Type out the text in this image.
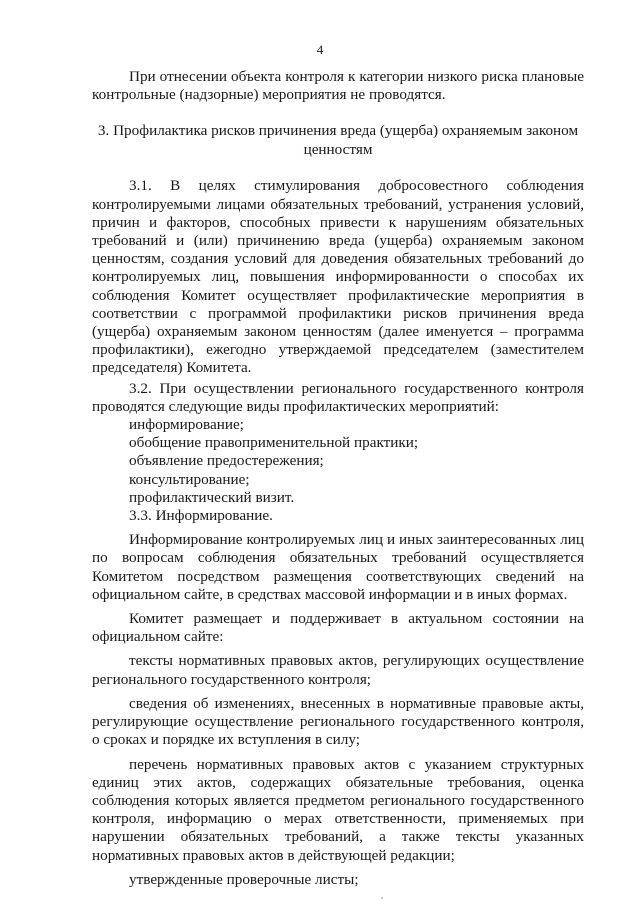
4

При отнесении объекта контроля к категории низкого риска плановые контрольные (надзорные) мероприятия не проводятся.

3. Профилактика рисков причинения вреда (ущерба) охраняемым законом ценностям

3.1. В целях стимулирования добросовестного соблюдения контролируемыми лицами обязательных требований, устранения условий, причин и факторов, способных привести к нарушениям обязательных требований и (или) причинению вреда (ущерба) охраняемым законом ценностям, создания условий для доведения обязательных требований до контролируемых лиц, повышения информированности о способах их соблюдения Комитет осуществляет профилактические мероприятия в соответствии с программой профилактики рисков причинения вреда (ущерба) охраняемым законом ценностям (далее именуется – программа профилактики), ежегодно утверждаемой председателем (заместителем председателя) Комитета.

3.2. При осуществлении регионального государственного контроля проводятся следующие виды профилактических мероприятий:

информирование;

обобщение правоприменительной практики;

объявление предостережения;

консультирование;

профилактический визит.

3.3. Информирование.

Информирование контролируемых лиц и иных заинтересованных лиц по вопросам соблюдения обязательных требований осуществляется Комитетом посредством размещения соответствующих сведений на официальном сайте, в средствах массовой информации и в иных формах.

Комитет размещает и поддерживает в актуальном состоянии на официальном сайте:

тексты нормативных правовых актов, регулирующих осуществление регионального государственного контроля;

сведения об изменениях, внесенных в нормативные правовые акты, регулирующие осуществление регионального государственного контроля, о сроках и порядке их вступления в силу;

перечень нормативных правовых актов с указанием структурных единиц этих актов, содержащих обязательные требования, оценка соблюдения которых является предметом регионального государственного контроля, информацию о мерах ответственности, применяемых при нарушении обязательных требований, а также тексты указанных нормативных правовых актов в действующей редакции;

утвержденные проверочные листы;
